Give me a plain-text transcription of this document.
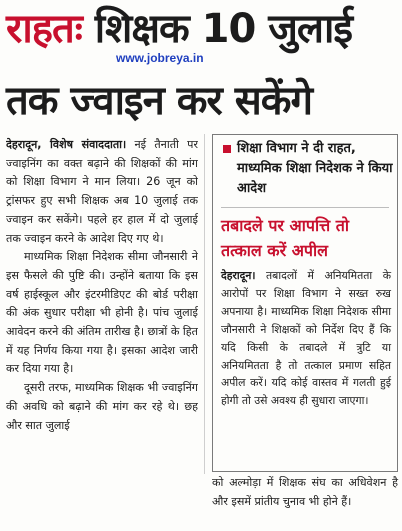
राहतः शिक्षक 10 जुलाई
www.jobreya.in
तक ज्वाइन कर सकेंगे

देहरादून, विशेष संवाददाता। नई तैनाती पर ज्वाइनिंग का वक्त बढ़ाने की शिक्षकों की मांग को शिक्षा विभाग ने मान लिया। 26 जून को ट्रांसफर हुए सभी शिक्षक अब 10 जुलाई तक ज्वाइन कर सकेंगे। पहले हर हाल में दो जुलाई तक ज्वाइन करने के आदेश दिए गए थे।

माध्यमिक शिक्षा निदेशक सीमा जौनसारी ने इस फैसले की पुष्टि की। उन्होंने बताया कि इस वर्ष हाईस्कूल और इंटरमीडिएट की बोर्ड परीक्षा की अंक सुधार परीक्षा भी होनी है। पांच जुलाई आवेदन करने की अंतिम तारीख है। छात्रों के हित में यह निर्णय किया गया है। इसका आदेश जारी कर दिया गया है।

दूसरी तरफ, माध्यमिक शिक्षक भी ज्वाइनिंग की अवधि को बढ़ाने की मांग कर रहे थे। छह और सात जुलाई

शिक्षा विभाग ने दी राहत, माध्यमिक शिक्षा निदेशक ने किया आदेश
तबादले पर आपत्ति तो तत्काल करें अपील
देहरादून। तबादलों में अनियमितता के आरोपों पर शिक्षा विभाग ने सख्त रुख अपनाया है। माध्यमिक शिक्षा निदेशक सीमा जौनसारी ने शिक्षकों को निर्देश दिए हैं कि यदि किसी के तबादले में त्रुटि या अनियमितता है तो तत्काल प्रमाण सहित अपील करें। यदि कोई वास्तव में गलती हुई होगी तो उसे अवश्य ही सुधारा जाएगा।
को अल्मोड़ा में शिक्षक संघ का अधिवेशन है और इसमें प्रांतीय चुनाव भी होने हैं।
